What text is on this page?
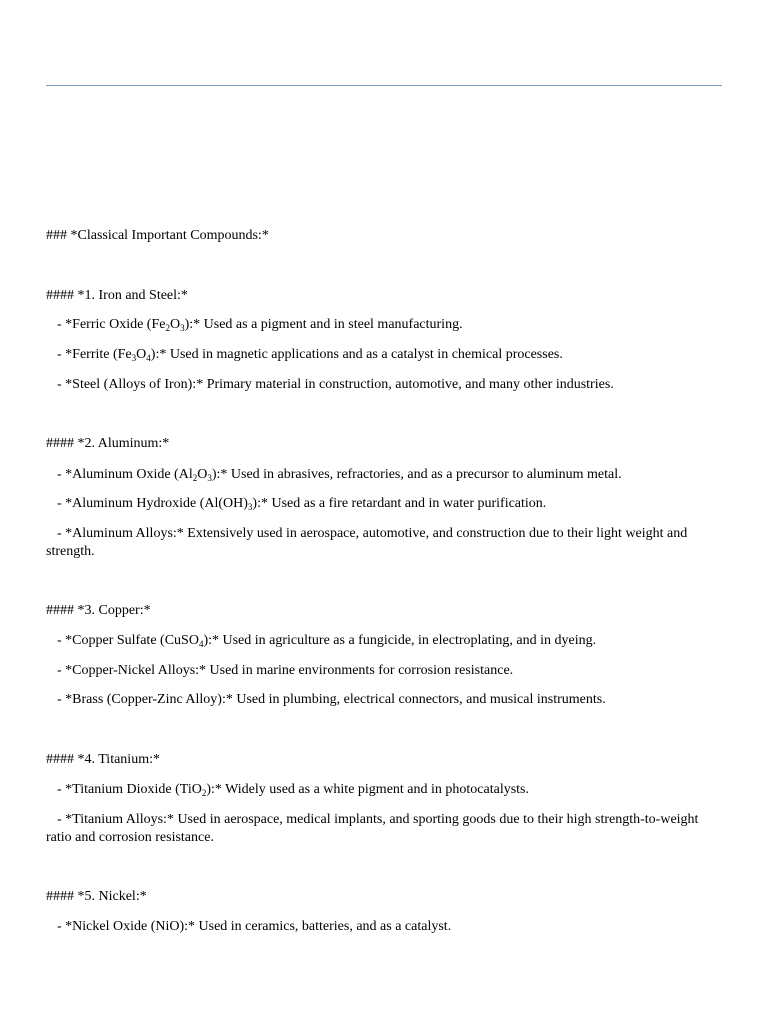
### *Classical Important Compounds:*
#### *1. Iron and Steel:*
- *Ferric Oxide $(Fe_2O_3):*$ Used as a pigment and in steel manufacturing.
- *Ferrite $(Fe_3O_4):*$ Used in magnetic applications and as a catalyst in chemical processes.
- *Steel (Alloys of Iron):* Primary material in construction, automotive, and many other industries.
#### *2. Aluminum:*
- *Aluminum Oxide $(Al_2O_3):*$ Used in abrasives, refractories, and as a precursor to aluminum metal.
- *Aluminum Hydroxide $(Al(OH)_3):*$ Used as a fire retardant and in water purification.
- *Aluminum Alloys:* Extensively used in aerospace, automotive, and construction due to their light weight and strength.
#### *3. Copper:*
- *Copper Sulfate (CuSO$_4$):* Used in agriculture as a fungicide, in electroplating, and in dyeing.
- *Copper-Nickel Alloys:* Used in marine environments for corrosion resistance.
- *Brass (Copper-Zinc Alloy):* Used in plumbing, electrical connectors, and musical instruments.
#### *4. Titanium:*
- *Titanium Dioxide (TiO$_2$):* Widely used as a white pigment and in photocatalysts.
- *Titanium Alloys:* Used in aerospace, medical implants, and sporting goods due to their high strength-to-weight ratio and corrosion resistance.
#### *5. Nickel:*
- *Nickel Oxide (NiO):* Used in ceramics, batteries, and as a catalyst.
